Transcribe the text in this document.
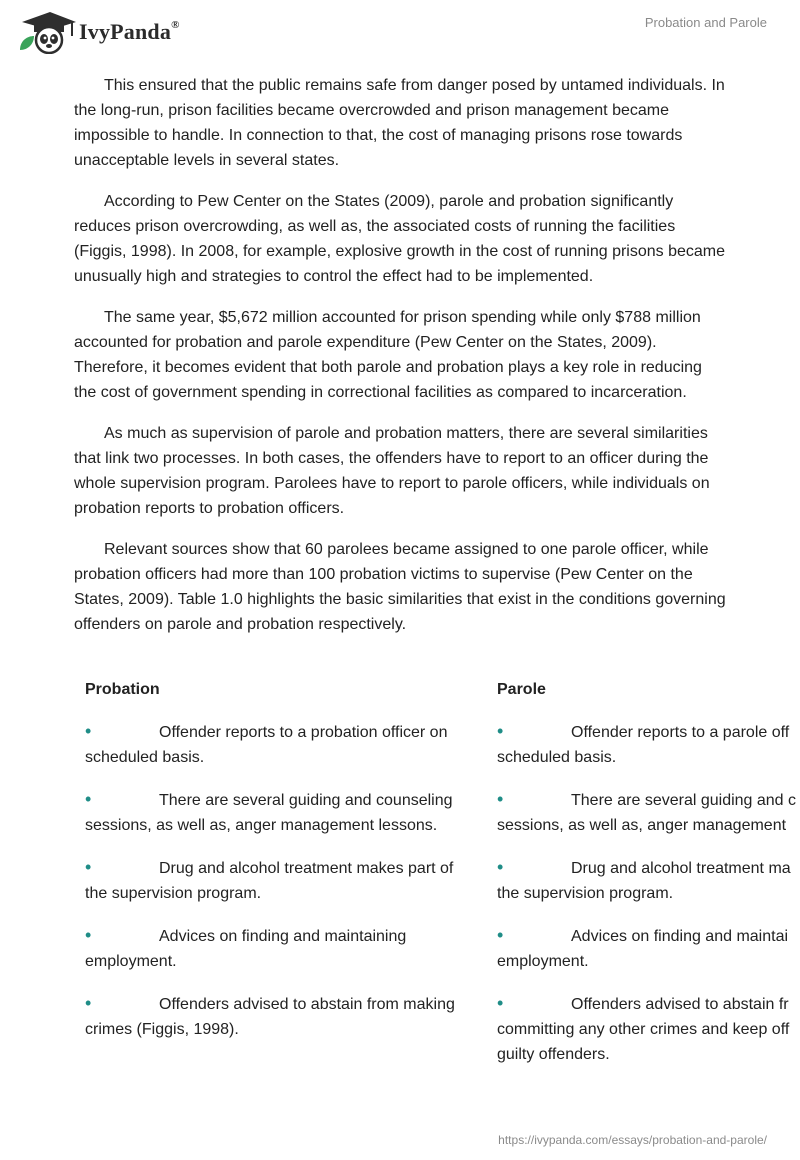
IvyPanda®	Probation and Parole

This ensured that the public remains safe from danger posed by untamed individuals. In the long-run, prison facilities became overcrowded and prison management became impossible to handle. In connection to that, the cost of managing prisons rose towards unacceptable levels in several states.

According to Pew Center on the States (2009), parole and probation significantly reduces prison overcrowding, as well as, the associated costs of running the facilities (Figgis, 1998). In 2008, for example, explosive growth in the cost of running prisons became unusually high and strategies to control the effect had to be implemented.

The same year, $5,672 million accounted for prison spending while only $788 million accounted for probation and parole expenditure (Pew Center on the States, 2009). Therefore, it becomes evident that both parole and probation plays a key role in reducing the cost of government spending in correctional facilities as compared to incarceration.

As much as supervision of parole and probation matters, there are several similarities that link two processes. In both cases, the offenders have to report to an officer during the whole supervision program. Parolees have to report to parole officers, while individuals on probation reports to probation officers.

Relevant sources show that 60 parolees became assigned to one parole officer, while probation officers had more than 100 probation victims to supervise (Pew Center on the States, 2009). Table 1.0 highlights the basic similarities that exist in the conditions governing offenders on parole and probation respectively.

Probation
•	Offender reports to a probation officer on
scheduled basis.
•	There are several guiding and counseling
sessions, as well as, anger management lessons.
•	Drug and alcohol treatment makes part of
the supervision program.
•	Advices on finding and maintaining
employment.
•	Offenders advised to abstain from making
crimes (Figgis, 1998).
Parole
•	Offender reports to a parole off
scheduled basis.
•	There are several guiding and c
sessions, as well as, anger management
•	Drug and alcohol treatment ma
the supervision program.
•	Advices on finding and maintai
employment.
•	Offenders advised to abstain fr
committing any other crimes and keep off
guilty offenders.
https://ivypanda.com/essays/probation-and-parole/
